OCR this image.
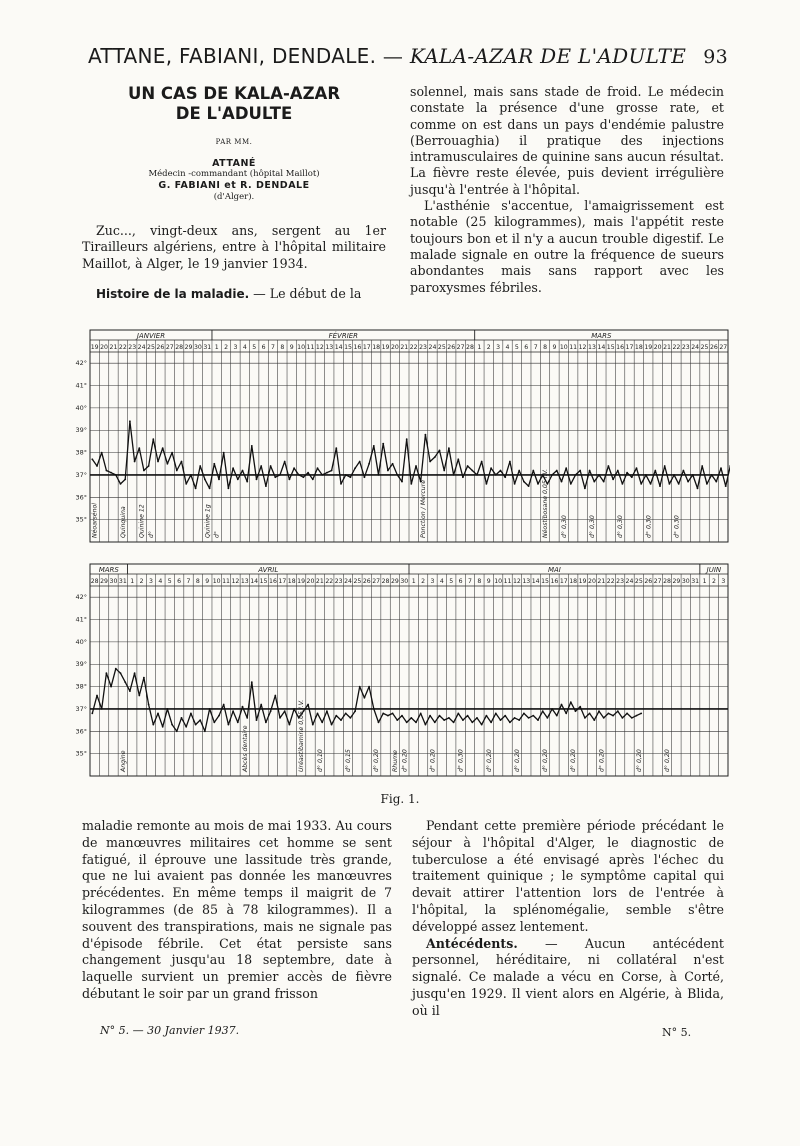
ATTANE, FABIANI, DENDALE. — KALA-AZAR DE L'ADULTE 93

UN CAS DE KALA-AZAR
DE L'ADULTE

PAR MM.
ATTANÉ
Médecin -commandant (hôpital Maillot)
G. FABIANI et R. DENDALE
(d'Alger).

Zuc..., vingt-deux ans, sergent au 1er Tirailleurs algériens, entre à l'hôpital militaire Maillot, à Alger, le 19 janvier 1934.

Histoire de la maladie. — Le début de la

solennel, mais sans stade de froid. Le médecin constate la présence d'une grosse rate, et comme on est dans un pays d'endémie palustre (Berrouaghia) il pratique des injections intramusculaires de quinine sans aucun résultat. La fièvre reste élevée, puis devient irrégulière jusqu'à l'entrée à l'hôpital.

L'asthénie s'accentue, l'amaigrissement est notable (25 kilogrammes), mais l'appétit reste toujours bon et il n'y a aucun trouble digestif. Le malade signale en outre la fréquence de sueurs abondantes mais sans rapport avec les paroxysmes fébriles.

JANVIER	FÉVRIER	MARS
19 20 21 22 23 24 25 26 27 28 29 30 31 1 2 3 4 5 6 7 8 9 10 11 12 13 14 15 16 17 18 19 20 21 22 23 24 25 26 27 28 1 2 3 4 5 6 7 8 9 10 11 12 13 14 15 16 17 18 19 20 21 22 23 24 25 26 27
42°
41°
40°
39°
38°
37°
36°
35° Néoarsénol	Quinquina Quinine 12 d°	Quinine 1g d°	Ponction / Mercure	Néostibosane 0,05 I.V. d° 0,30	d° 0,30	d° 0,30	d° 0,30	d° 0,30
MARS	AVRIL	MAI	JUIN
28 29 30 31 1 2 3 4 5 6 7 8 9 10 11 12 13 14 15 16 17 18 19 20 21 22 23 24 25 26 27 28 29 30 1 2 3 4 5 6 7 8 9 10 11 12 13 14 15 16 17 18 19 20 21 22 23 24 25 26 27 28 29 30 31 1 2 3
42°
41°
40°
39°
38°
37°
36°
35°	Angine	Abcès dentaire	Rhume
Uréastibamine 0,05 I.V. d° 0,10	d° 0,15	d° 0,20	d° 0,20	d° 0,20	d° 0,30	d° 0,20	d° 0,20	d° 0,20	d° 0,20	d° 0,20	d° 0,20	d° 0,20
Fig. 1.

maladie remonte au mois de mai 1933. Au cours de manœuvres militaires cet homme se sent fatigué, il éprouve une lassitude très grande, que ne lui avaient pas donnée les manœuvres précédentes. En même temps il maigrit de 7 kilogrammes (de 85 à 78 kilogrammes). Il a souvent des transpirations, mais ne signale pas d'épisode fébrile. Cet état persiste sans changement jusqu'au 18 septembre, date à laquelle survient un premier accès de fièvre débutant le soir par un grand frisson

Pendant cette première période précédant le séjour à l'hôpital d'Alger, le diagnostic de tuberculose a été envisagé après l'échec du traitement quinique ; le symptôme capital qui devait attirer l'attention lors de l'entrée à l'hôpital, la splénomégalie, semble s'être développé assez lentement.

Antécédents. — Aucun antécédent personnel, héréditaire, ni collatéral n'est signalé. Ce malade a vécu en Corse, à Corté, jusqu'en 1929. Il vient alors en Algérie, à Blida, où il

N° 5. — 30 Janvier 1937.	N° 5.
